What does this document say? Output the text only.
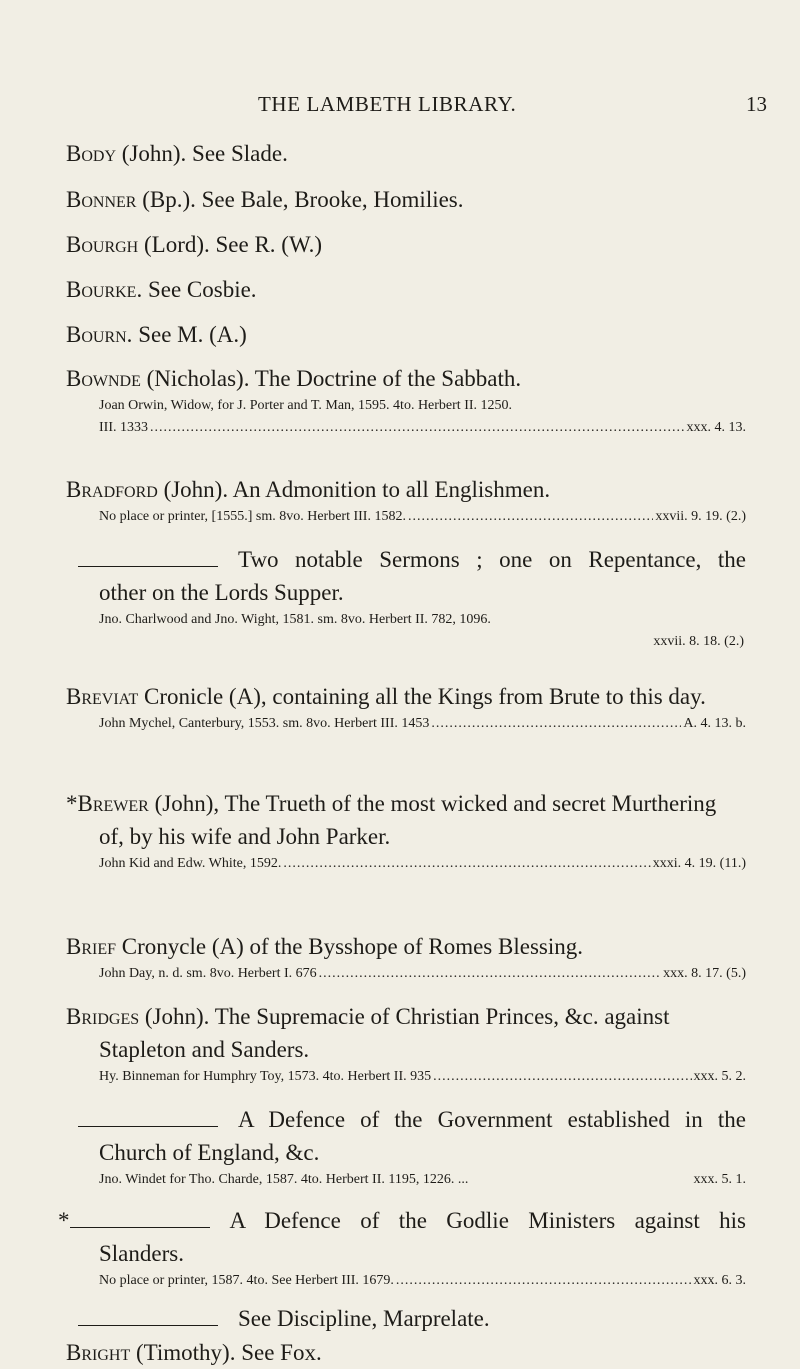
THE LAMBETH LIBRARY.	13

Body (John). See Slade.

Bonner (Bp.). See Bale, Brooke, Homilies.

Bourgh (Lord). See R. (W.)

Bourke. See Cosbie.

Bourn. See M. (A.)

Bownde (Nicholas). The Doctrine of the Sabbath.

Joan Orwin, Widow, for J. Porter and T. Man, 1595. 4to. Herbert II. 1250.

III. 1333 .....	xxx. 4. 13.

Bradford (John). An Admonition to all Englishmen.

No place or printer, [1555.] sm. 8vo. Herbert III. 1582. .....	xxvii. 9. 19. (2.)

Two notable Sermons ; one on Repentance, the

other on the Lords Supper.

Jno. Charlwood and Jno. Wight, 1581. sm. 8vo. Herbert II. 782, 1096.

xxvii. 8. 18. (2.)

Breviat Cronicle (A), containing all the Kings from Brute to this day.

John Mychel, Canterbury, 1553. sm. 8vo. Herbert III. 1453 .....	A. 4. 13. b.

*Brewer (John), The Trueth of the most wicked and secret Murthering of, by his wife and John Parker.

John Kid and Edw. White, 1592. .....	xxxi. 4. 19. (11.)

Brief Cronycle (A) of the Bysshope of Romes Blessing.

John Day, n. d. sm. 8vo. Herbert I. 676 .....	xxx. 8. 17. (5.)

Bridges (John). The Supremacie of Christian Princes, &c. against Stapleton and Sanders.

Hy. Binneman for Humphry Toy, 1573. 4to. Herbert II. 935 .....	xxx. 5. 2.

A Defence of the Government established in the

Church of England, &c.

Jno. Windet for Tho. Charde, 1587. 4to. Herbert II. 1195, 1226. ...	xxx. 5. 1.

*	A Defence of the Godlie Ministers against his

Slanders.

No place or printer, 1587. 4to. See Herbert III. 1679. .....	xxx. 6. 3.

See Discipline, Marprelate.

Bright (Timothy). See Fox.
